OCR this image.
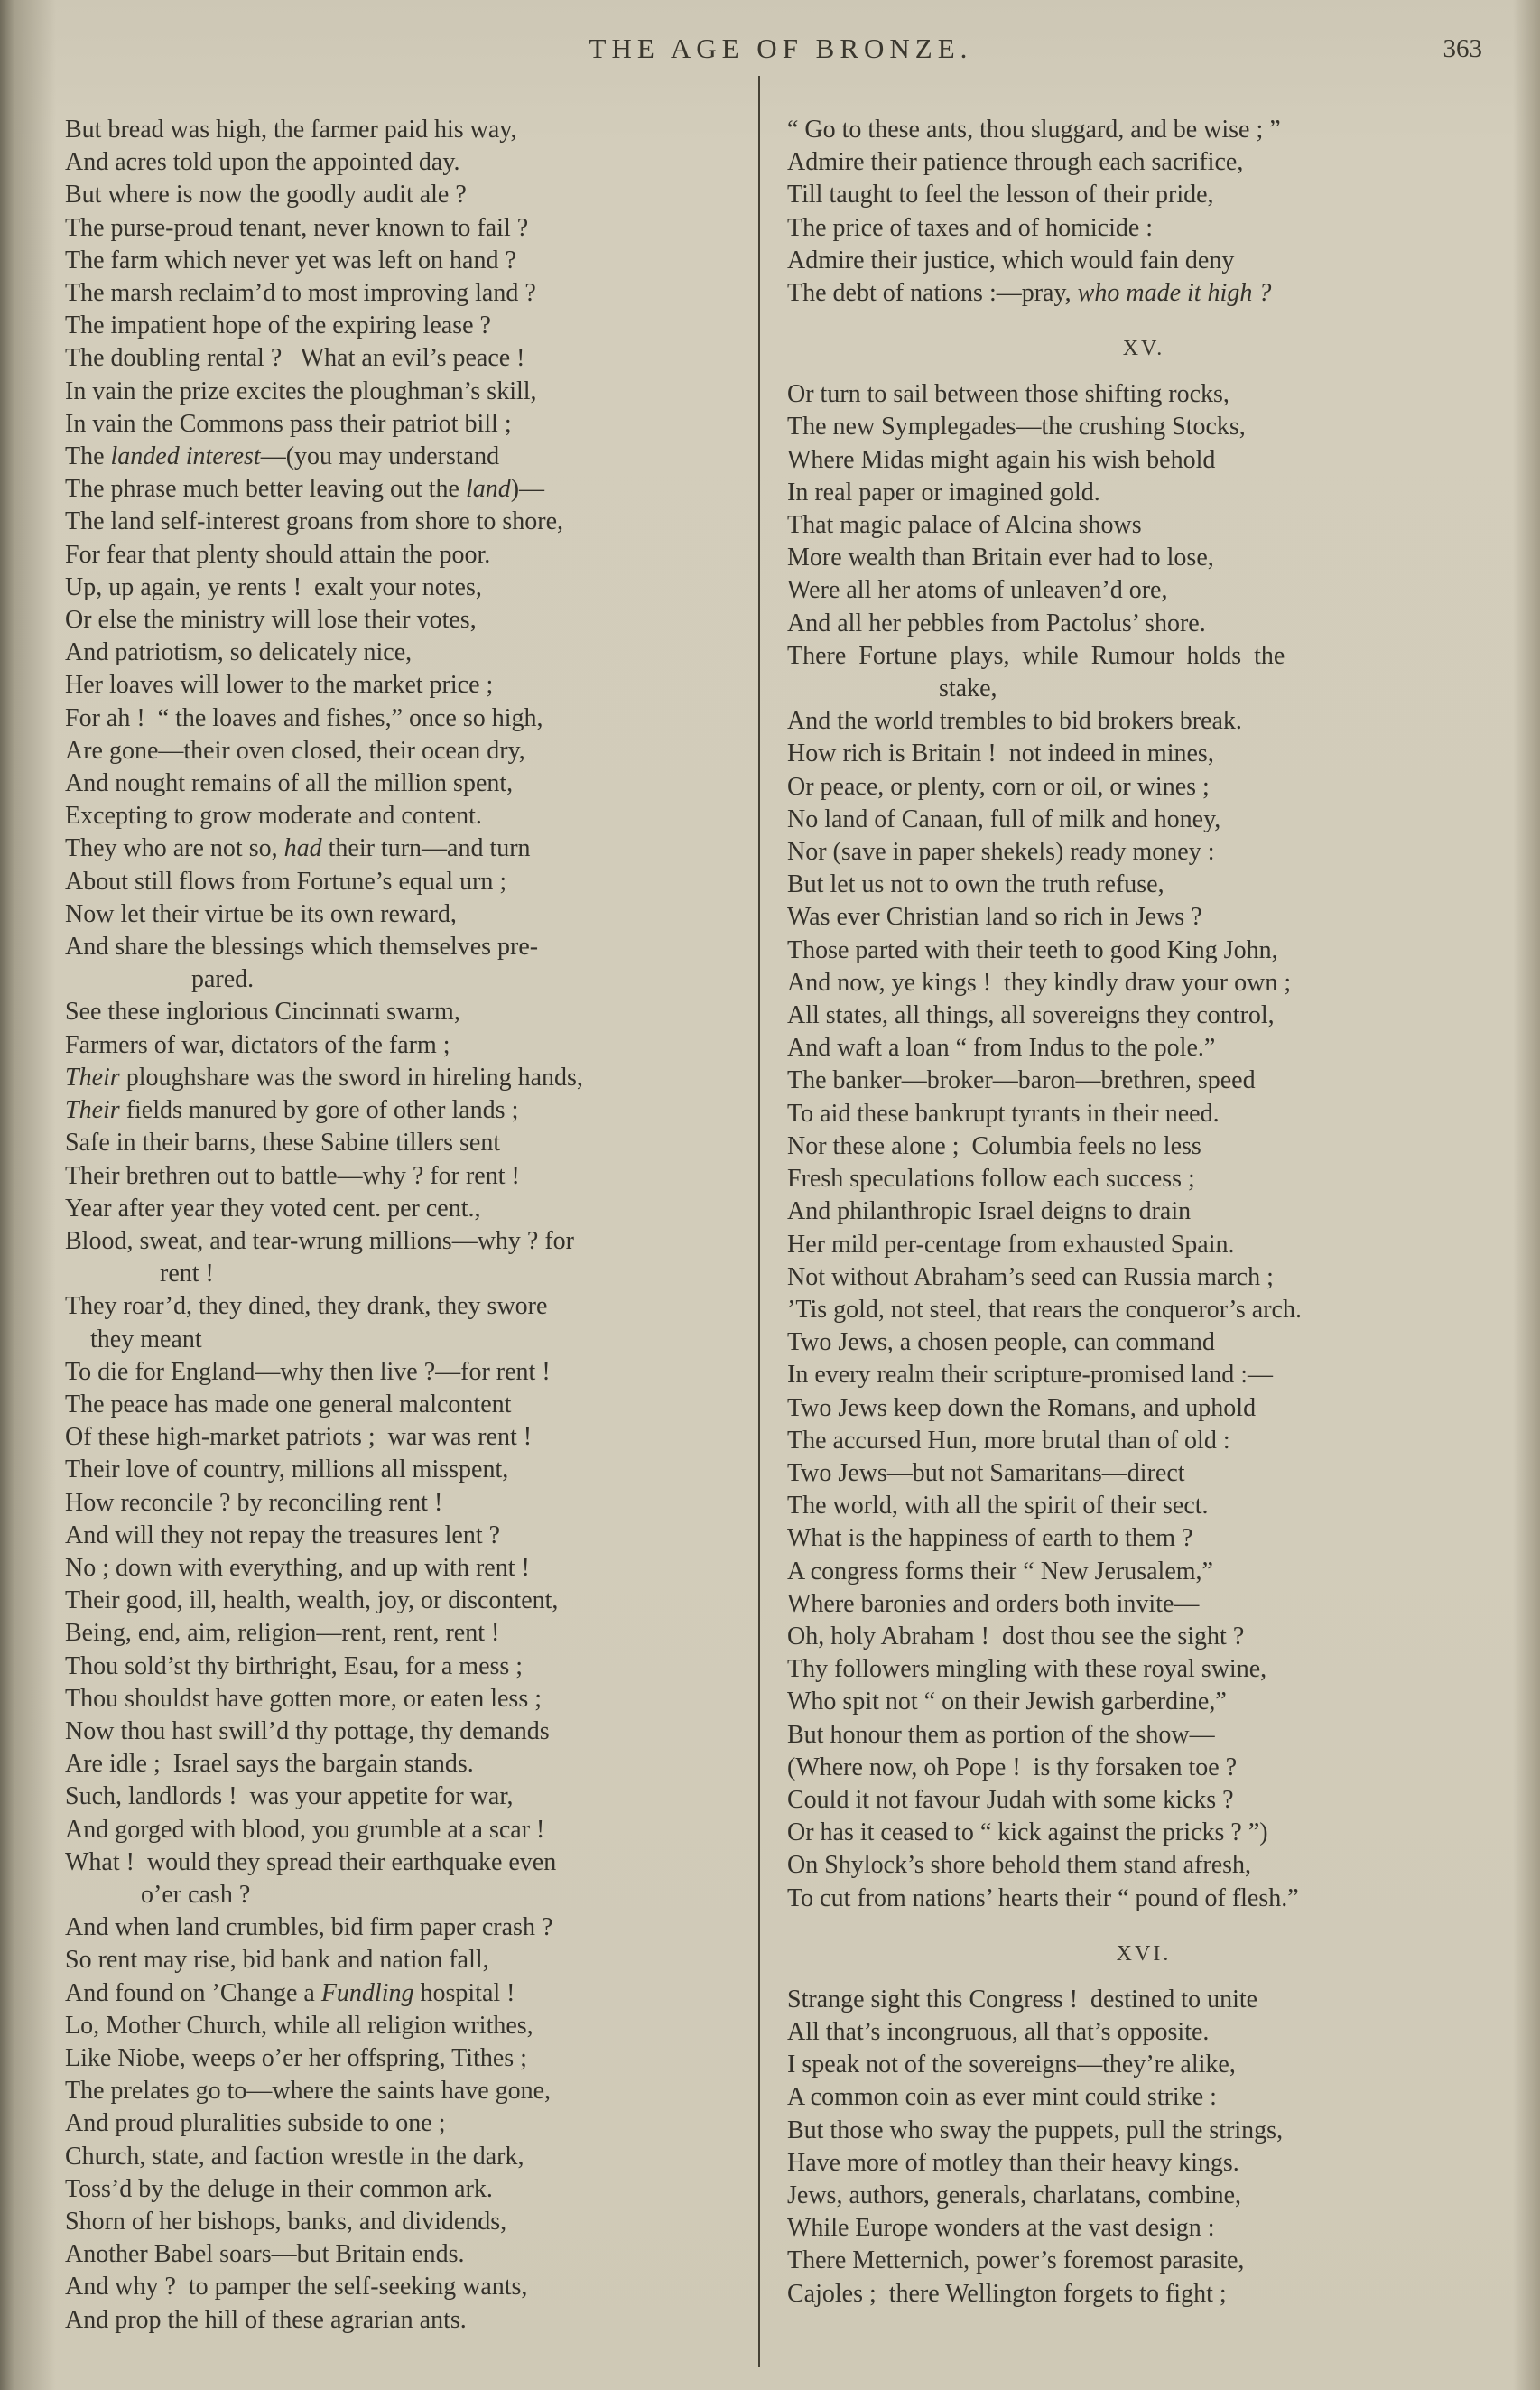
THE AGE OF BRONZE.	363
But bread was high, the farmer paid his way,
And acres told upon the appointed day.
But where is now the goodly audit ale ?
The purse-proud tenant, never known to fail ?
The farm which never yet was left on hand ?
The marsh reclaim’d to most improving land ?
The impatient hope of the expiring lease ?
The doubling rental ?   What an evil’s peace !
In vain the prize excites the ploughman’s skill,
In vain the Commons pass their patriot bill ;
The landed interest—(you may understand
The phrase much better leaving out the land)—
The land self-interest groans from shore to shore,
For fear that plenty should attain the poor.
Up, up again, ye rents !  exalt your notes,
Or else the ministry will lose their votes,
And patriotism, so delicately nice,
Her loaves will lower to the market price ;
For ah !  “ the loaves and fishes,” once so high,
Are gone—their oven closed, their ocean dry,
And nought remains of all the million spent,
Excepting to grow moderate and content.
They who are not so, had their turn—and turn
About still flows from Fortune’s equal urn ;
Now let their virtue be its own reward,
And share the blessings which themselves pre-
pared.
See these inglorious Cincinnati swarm,
Farmers of war, dictators of the farm ;
Their ploughshare was the sword in hireling hands,
Their fields manured by gore of other lands ;
Safe in their barns, these Sabine tillers sent
Their brethren out to battle—why ? for rent !
Year after year they voted cent. per cent.,
Blood, sweat, and tear-wrung millions—why ? for
rent !
They roar’d, they dined, they drank, they swore
they meant
To die for England—why then live ?—for rent !
The peace has made one general malcontent
Of these high-market patriots ;  war was rent !
Their love of country, millions all misspent,
How reconcile ? by reconciling rent !
And will they not repay the treasures lent ?
No ; down with everything, and up with rent !
Their good, ill, health, wealth, joy, or discontent,
Being, end, aim, religion—rent, rent, rent !
Thou sold’st thy birthright, Esau, for a mess ;
Thou shouldst have gotten more, or eaten less ;
Now thou hast swill’d thy pottage, thy demands
Are idle ;  Israel says the bargain stands.
Such, landlords !  was your appetite for war,
And gorged with blood, you grumble at a scar !
What !  would they spread their earthquake even
o’er cash ?
And when land crumbles, bid firm paper crash ?
So rent may rise, bid bank and nation fall,
And found on ’Change a Fundling hospital !
Lo, Mother Church, while all religion writhes,
Like Niobe, weeps o’er her offspring, Tithes ;
The prelates go to—where the saints have gone,
And proud pluralities subside to one ;
Church, state, and faction wrestle in the dark,
Toss’d by the deluge in their common ark.
Shorn of her bishops, banks, and dividends,
Another Babel soars—but Britain ends.
And why ?  to pamper the self-seeking wants,
And prop the hill of these agrarian ants.
“ Go to these ants, thou sluggard, and be wise ; ”
Admire their patience through each sacrifice,
Till taught to feel the lesson of their pride,
The price of taxes and of homicide :
Admire their justice, which would fain deny
The debt of nations :—pray, who made it high ?
XV.
Or turn to sail between those shifting rocks,
The new Symplegades—the crushing Stocks,
Where Midas might again his wish behold
In real paper or imagined gold.
That magic palace of Alcina shows
More wealth than Britain ever had to lose,
Were all her atoms of unleaven’d ore,
And all her pebbles from Pactolus’ shore.
There  Fortune  plays,  while  Rumour  holds  the
stake,
And the world trembles to bid brokers break.
How rich is Britain !  not indeed in mines,
Or peace, or plenty, corn or oil, or wines ;
No land of Canaan, full of milk and honey,
Nor (save in paper shekels) ready money :
But let us not to own the truth refuse,
Was ever Christian land so rich in Jews ?
Those parted with their teeth to good King John,
And now, ye kings !  they kindly draw your own ;
All states, all things, all sovereigns they control,
And waft a loan “ from Indus to the pole.”
The banker—broker—baron—brethren, speed
To aid these bankrupt tyrants in their need.
Nor these alone ;  Columbia feels no less
Fresh speculations follow each success ;
And philanthropic Israel deigns to drain
Her mild per-centage from exhausted Spain.
Not without Abraham’s seed can Russia march ;
’Tis gold, not steel, that rears the conqueror’s arch.
Two Jews, a chosen people, can command
In every realm their scripture-promised land :—
Two Jews keep down the Romans, and uphold
The accursed Hun, more brutal than of old :
Two Jews—but not Samaritans—direct
The world, with all the spirit of their sect.
What is the happiness of earth to them ?
A congress forms their “ New Jerusalem,”
Where baronies and orders both invite—
Oh, holy Abraham !  dost thou see the sight ?
Thy followers mingling with these royal swine,
Who spit not “ on their Jewish garberdine,”
But honour them as portion of the show—
(Where now, oh Pope !  is thy forsaken toe ?
Could it not favour Judah with some kicks ?
Or has it ceased to “ kick against the pricks ? ”)
On Shylock’s shore behold them stand afresh,
To cut from nations’ hearts their “ pound of flesh.”
XVI.
Strange sight this Congress !  destined to unite
All that’s incongruous, all that’s opposite.
I speak not of the sovereigns—they’re alike,
A common coin as ever mint could strike :
But those who sway the puppets, pull the strings,
Have more of motley than their heavy kings.
Jews, authors, generals, charlatans, combine,
While Europe wonders at the vast design :
There Metternich, power’s foremost parasite,
Cajoles ;  there Wellington forgets to fight ;
